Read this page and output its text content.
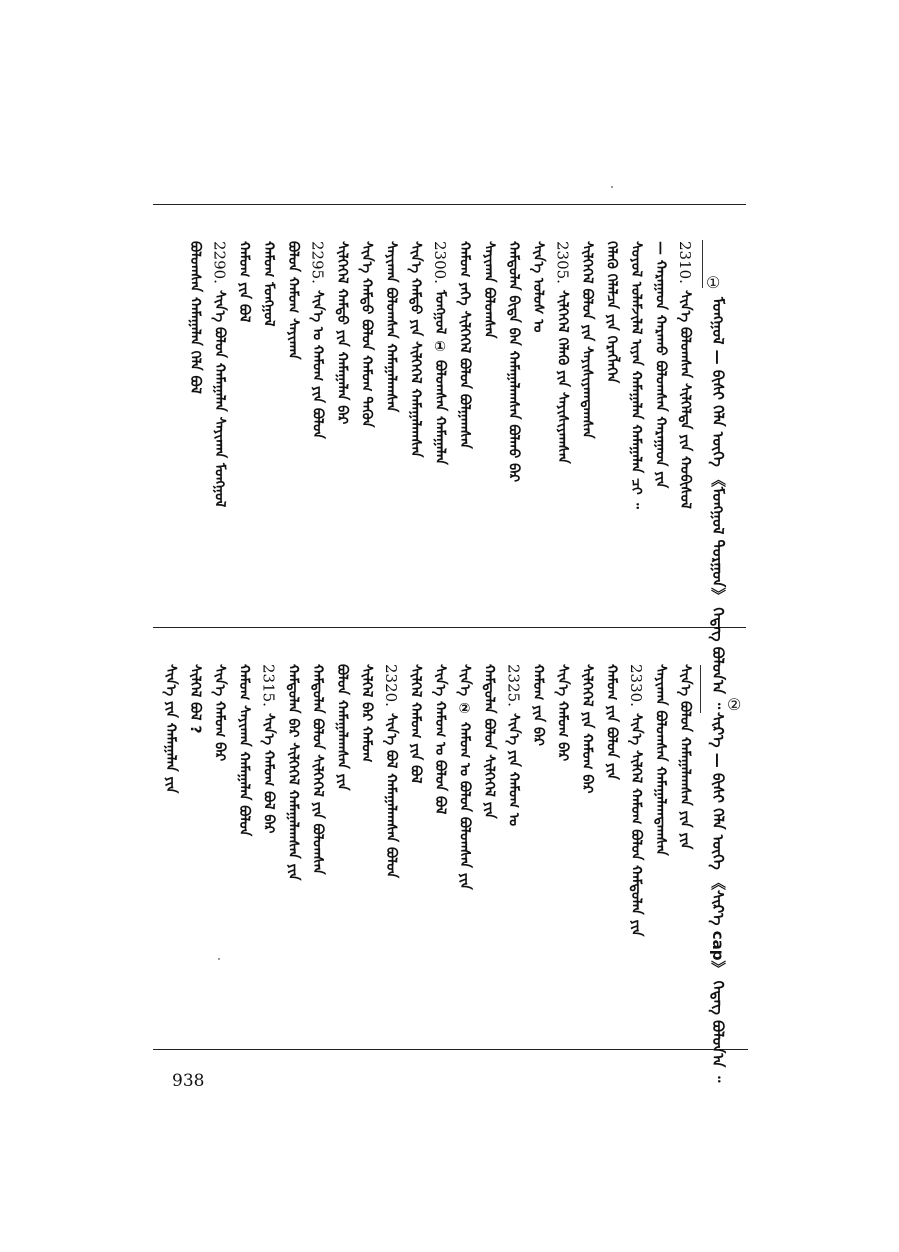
①
ᠮᠣᠩᠭᠣᠯ — ᠪᠢᠰᠢ ᠬᠡᠯᠡ ᠦᠭᠡ 《ᠮᠣᠩᠭᠣᠯ ᠲᠣᠷᠭᠣᠨ》 ᠭᠡᠳᠡᠭ ᠪᠣᠯᠤᠨ᠎ᠠ ᠃ ②
ᠰᠢᠷ᠎ᠡ — ᠪᠢᠰᠢ ᠬᠡᠯᠡ ᠦᠭᠡ 《ᠰᠢᠷ᠎ᠡ cap》 ᠭᠡᠳᠡᠭ ᠪᠣᠯᠤᠨ᠎ᠠ ᠃
2310.
ᠰᠢᠨ᠎ᠡ ᠪᠣᠯᠣᠭᠰᠠᠨ ᠰᠢᠯᠭᠡᠯᠲᠡ ᠶᠢᠨ ᠬᠤᠪᠢᠰᠤᠯ
— ᠬᠠᠷᠠᠭᠠᠳ ᠬᠠᠷᠠᠬᠤ ᠪᠣᠯᠣᠭᠰᠠᠨ ᠬᠠᠷᠠᠭᠠᠳ ᠶᠢᠨ
ᠰᠣᠶᠣᠯ ᠤᠯᠠᠮᠵᠢᠯᠠᠯ ᠢᠶᠠᠨ ᠬᠠᠮᠠᠭᠠᠯᠠᠨ ᠬᠠᠮᠠᠭᠠᠯᠠᠨ ᠴᠢ ᠃
ᠬᠡᠯᠡᠬᠦ ᠬᠡᠯᠡᠯᠴᠡ ᠶᠢᠨ ᠬᠡᠷᠡᠭᠯᠡᠭᠡᠨ
ᠰᠢᠯᠭᠡᠭᠡᠯ ᠪᠣᠯᠤᠨ ᠶᠢᠨ ᠰᠠᠶᠢᠰᠢᠶᠠᠭᠳᠠᠭᠰᠠᠨ
2305.
ᠰᠢᠯᠭᠡᠭᠡᠯ ᠬᠡᠯᠡᠬᠦ ᠶᠢᠨ ᠰᠠᠶᠢᠰᠢᠶᠠᠭᠰᠠᠨ
ᠰᠢᠨ᠎ᠡ ᠤᠯᠤᠰ ᠤ
ᠬᠠᠮᠲᠤᠯᠠᠨ ᠪᠢᠳᠡ ᠪᠡᠨ ᠬᠠᠮᠠᠭᠠᠯᠠᠭᠰᠠᠨ ᠪᠣᠯᠬᠤ ᠪᠠᠷ
ᠰᠠᠶᠢᠬᠠᠨ ᠪᠣᠯᠣᠭᠰᠠᠨ
ᠬᠠᠮᠤᠭ ᠶᠡᠬᠡ ᠰᠢᠯᠭᠡᠭᠡᠯ ᠪᠣᠯᠤᠨ ᠪᠣᠯᠭᠠᠭᠰᠠᠨ
2300.
ᠮᠣᠩᠭᠣᠯ ① ᠪᠣᠯᠣᠭᠰᠠᠨ ᠬᠠᠮᠠᠭᠠᠯᠠᠨ
ᠰᠢᠨ᠎ᠡ ᠬᠠᠮᠲᠤ ᠶᠢᠨ ᠰᠢᠯᠭᠡᠭᠡᠯ ᠬᠠᠮᠠᠭᠠᠯᠠᠭᠰᠠᠨ
ᠰᠠᠶᠢᠬᠠᠨ ᠪᠣᠯᠣᠭᠰᠠᠨ ᠬᠠᠮᠠᠭᠠᠯᠠᠭᠰᠠᠨ
ᠰᠢᠨ᠎ᠡ ᠬᠠᠮᠲᠤ ᠪᠣᠯᠣᠨ ᠬᠠᠮᠤᠭ ᠲᠡᠭᠦᠨ
ᠰᠢᠯᠭᠡᠭᠡᠯ ᠬᠠᠮᠲᠤ ᠶᠢᠨ ᠬᠠᠮᠠᠭᠠᠯᠠᠨ ᠪᠠᠷ
2295.
ᠰᠢᠨ᠎ᠡ ᠤ ᠬᠠᠮᠤᠭ ᠶᠢᠨ ᠪᠣᠯᠣᠨ
ᠪᠣᠯᠣᠨ ᠬᠠᠮᠤᠭ ᠰᠠᠶᠢᠬᠠᠨ
ᠬᠠᠮᠤᠭ ᠮᠣᠩᠭᠣᠯ
ᠬᠠᠮᠤᠭ ᠶᠢᠨ ᠪᠣᠯ
2290.
ᠰᠢᠨ᠎ᠡ ᠪᠣᠯᠣᠨ ᠬᠠᠮᠠᠭᠠᠯᠠᠨ ᠰᠠᠶᠢᠬᠠᠨ ᠮᠣᠩᠭᠣᠯ
ᠪᠣᠯᠣᠭᠰᠠᠨ ᠬᠠᠮᠠᠭᠠᠯᠠᠨ ᠬᠡᠯᠡ ᠪᠣᠯ
ᠰᠢᠨ᠎ᠡ ᠪᠣᠯᠣᠨ ᠬᠠᠮᠠᠭᠠᠯᠠᠭᠰᠠᠨ ᠶᠢᠨ ᠶᠢᠨ
ᠰᠠᠶᠢᠬᠠᠨ ᠪᠣᠯᠣᠭᠰᠠᠨ ᠬᠠᠮᠠᠭᠠᠯᠠᠭᠳᠠᠭᠰᠠᠨ
2330.
ᠰᠢᠨ᠎ᠡ ᠰᠢᠯᠭᠡᠯ ᠬᠠᠮᠤᠭ ᠪᠣᠯᠣᠨ ᠬᠠᠮᠲᠤᠯᠠᠨ ᠶᠢᠨ
ᠬᠠᠮᠤᠭ ᠶᠢᠨ ᠪᠣᠯᠣᠨ ᠶᠢᠨ
ᠰᠢᠯᠭᠡᠭᠡᠯ ᠶᠢᠨ ᠬᠠᠮᠤᠭ ᠪᠠᠷ
ᠰᠢᠨ᠎ᠡ ᠬᠠᠮᠤᠭ ᠪᠠᠷ
ᠬᠠᠮᠤᠭ ᠶᠢᠨ ᠪᠠᠷ
2325.
ᠰᠢᠨ᠎ᠡ ᠶᠢᠨ ᠬᠠᠮᠤᠭ ᠤ
ᠬᠠᠮᠲᠤᠯᠠᠨ ᠪᠣᠯᠣᠨ ᠰᠢᠯᠭᠡᠭᠡᠯ ᠶᠢᠨ
ᠰᠢᠨ᠎ᠡ ② ᠬᠠᠮᠤᠭ ᠤ ᠪᠣᠯᠣᠨ ᠪᠣᠯᠣᠭᠰᠠᠨ ᠶᠢᠨ
ᠰᠢᠨ᠎ᠡ ᠬᠠᠮᠤᠭ ᠤ ᠪᠣᠯᠣᠨ ᠪᠣᠯ
ᠰᠢᠯᠭᠡᠯ ᠬᠠᠮᠤᠭ ᠶᠢᠨ ᠪᠣᠯ
2320.
ᠰᠢᠨ᠎ᠡ ᠪᠣᠯ ᠬᠠᠮᠠᠭᠠᠯᠠᠭᠰᠠᠨ ᠪᠣᠯᠣᠨ
ᠰᠢᠯᠭᠡᠯ ᠪᠠᠷ ᠬᠠᠮᠤᠭ
ᠪᠣᠯᠣᠨ ᠬᠠᠮᠠᠭᠠᠯᠠᠭᠰᠠᠨ ᠶᠢᠨ
ᠬᠠᠮᠲᠤᠯᠠᠨ ᠪᠣᠯᠣᠨ ᠰᠢᠯᠭᠡᠭᠡᠯ ᠶᠢᠨ ᠪᠣᠯᠣᠭᠰᠠᠨ
ᠬᠠᠮᠲᠤᠯᠠᠨ ᠪᠠᠷ ᠰᠢᠯᠭᠡᠭᠡᠯ ᠬᠠᠮᠠᠭᠠᠯᠠᠭᠰᠠᠨ ᠶᠢᠨ
2315.
ᠰᠢᠨ᠎ᠡ ᠬᠠᠮᠤᠭ ᠪᠣᠯ ᠪᠠᠷ
ᠬᠠᠮᠤᠭ ᠰᠠᠶᠢᠬᠠᠨ ᠬᠠᠮᠠᠭᠠᠯᠠᠨ ᠪᠣᠯᠣᠨ
ᠰᠢᠨ᠎ᠡ ᠬᠠᠮᠤᠭ ᠪᠠᠷ
ᠰᠢᠯᠭᠡᠯ ᠪᠣᠯ ?
ᠰᠢᠨ᠎ᠡ ᠶᠢᠨ ᠬᠠᠮᠠᠭᠠᠯᠠᠨ ᠶᠢᠨ
938
